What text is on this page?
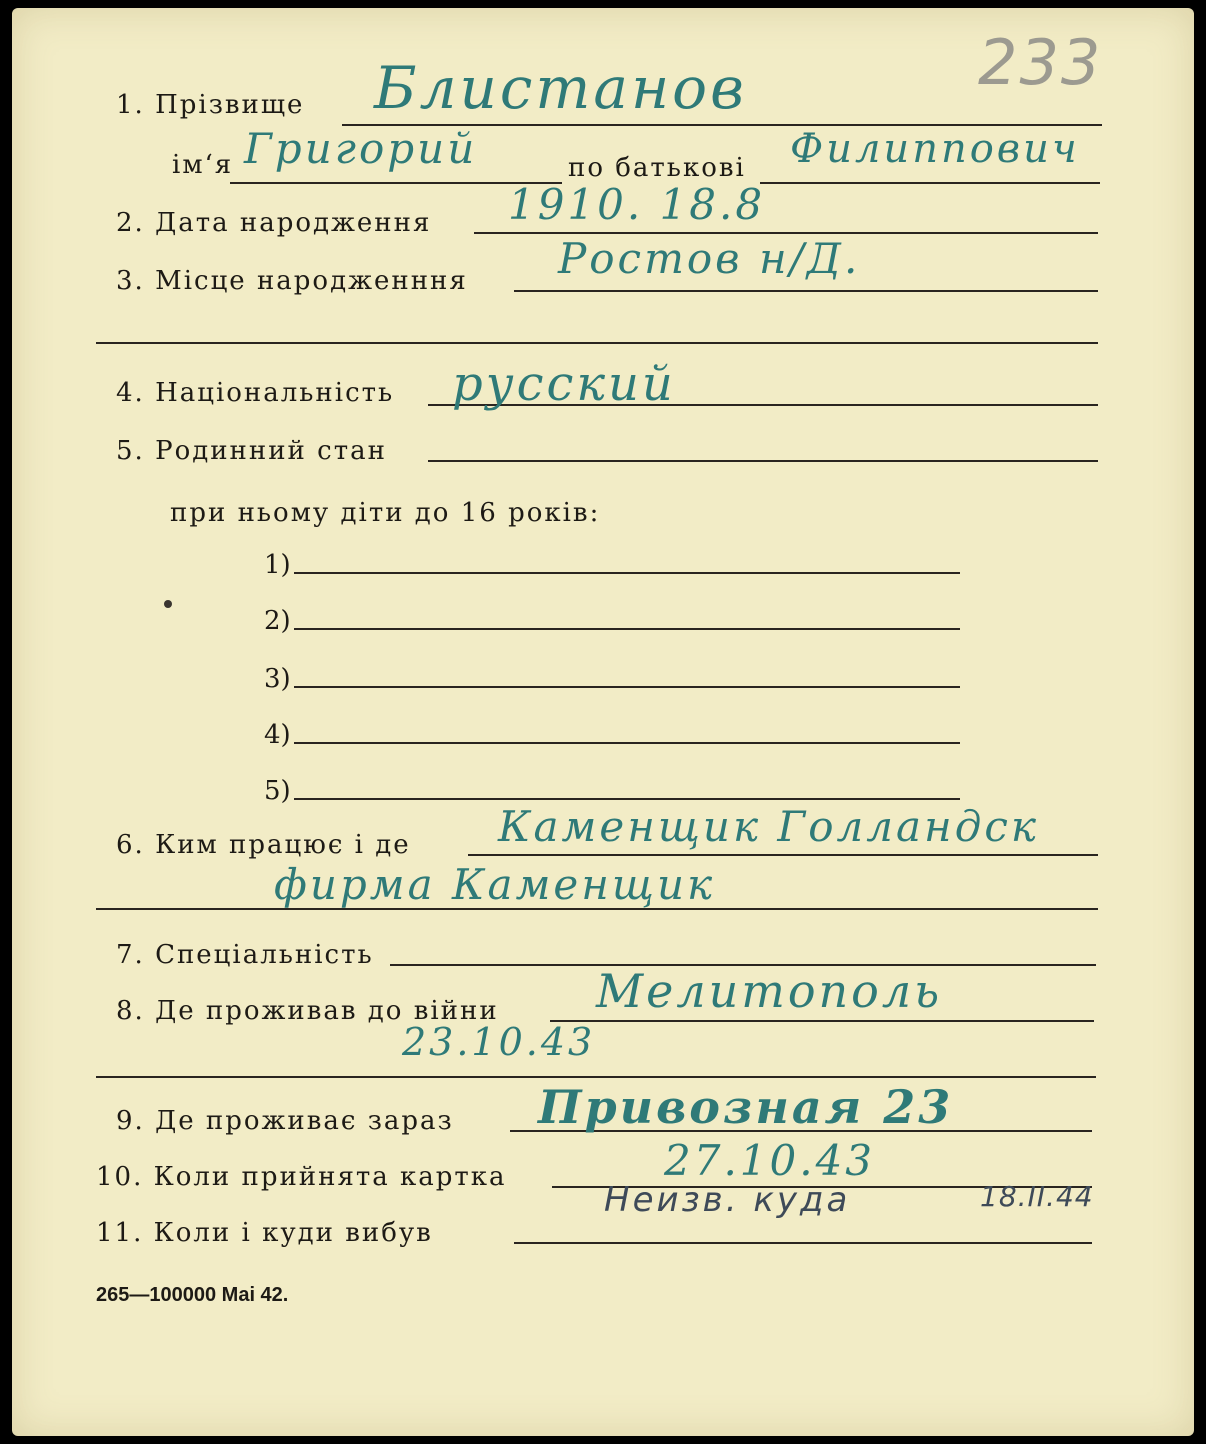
233
1. Прізвище Блистанов
ім‘я Григорий	по батькові Филиппович
2. Дата народження 1910. 18.8
3. Місце народженння Ростов н/Д.
4. Національність русский
5. Родинний стан
при ньому діти до 16 років:
1)
2)
3)
4)
5)
6. Ким працює і де Каменщик Голландск
фирма Каменщик
7. Спеціальність
8. Де проживав до війни Мелитополь
23.10.43
9. Де проживає зараз Привозная 23
10. Коли прийнята картка	27.10.43
11. Коли і куди вибув
Неизв. куда	18.II.44
265—100000 Mai 42.
